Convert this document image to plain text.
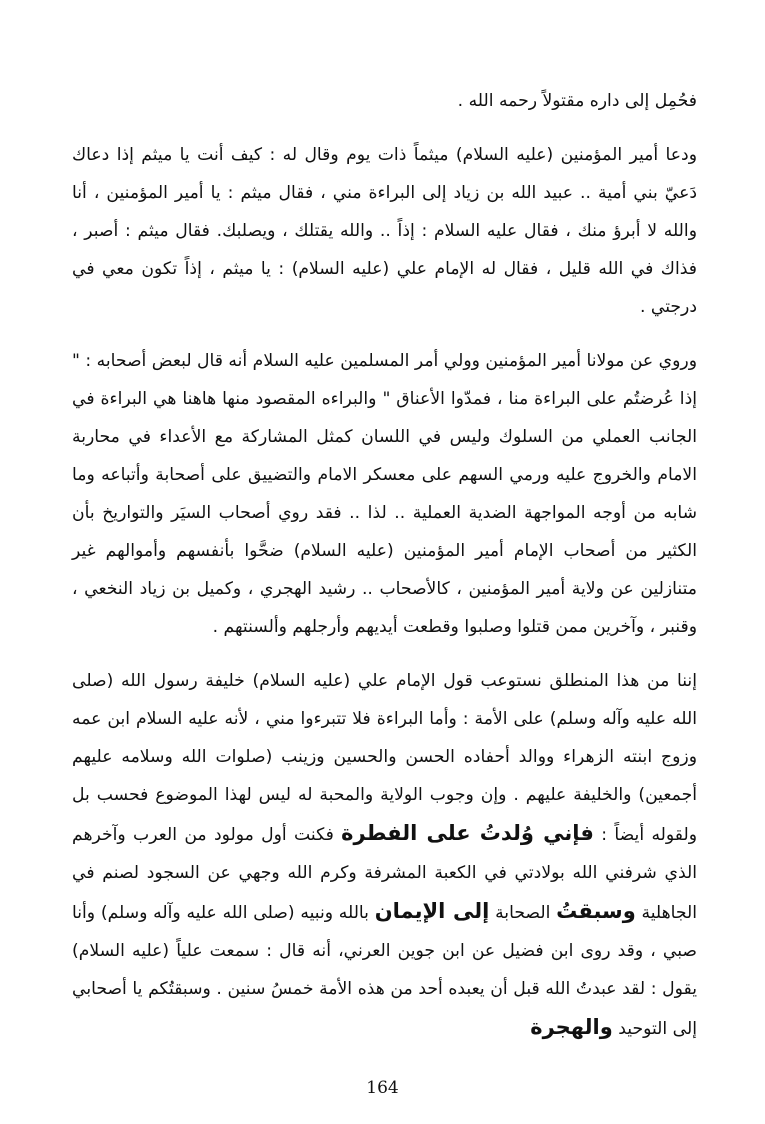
فحُمِل إلى داره مقتولاً رحمه الله .

ودعا أمير المؤمنين (عليه السلام) ميثماً ذات يوم وقال له : كيف أنت يا ميثم إذا دعاك دَعيّ بني أمية .. عبيد الله بن زياد إلى البراءة مني ، فقال ميثم : يا أمير المؤمنين ، أنا والله لا أبرؤ منك ، فقال عليه السلام : إذاً .. والله يقتلك ، ويصلبك. فقال ميثم : أصبر ، فذاك في الله قليل ، فقال له الإمام علي (عليه السلام) : يا ميثم ، إذاً تكون معي في درجتي .

وروي عن مولانا أمير المؤمنين وولي أمر المسلمين عليه السلام أنه قال لبعض أصحابه : " إذا عُرضتُم على البراءة منا ، فمدّوا الأعناق " والبراءه المقصود منها هاهنا هي البراءة في الجانب العملي من السلوك وليس في اللسان كمثل المشاركة مع الأعداء في محاربة الامام والخروج عليه ورمي السهم على معسكر الامام والتضييق على أصحابة وأتباعه وما شابه من أوجه المواجهة الضدية العملية .. لذا .. فقد روي أصحاب السيَر والتواريخ بأن الكثير من أصحاب الإمام أمير المؤمنين (عليه السلام) ضحَّوا بأنفسهم وأموالهم غير متنازلين عن ولاية أمير المؤمنين ، كالأصحاب .. رشيد الهجري ، وكميل بن زياد النخعي ، وقنبر ، وآخرين ممن قتلوا وصلبوا وقطعت أيديهم وأرجلهم وألسنتهم .

إننا من هذا المنطلق نستوعب قول الإمام علي (عليه السلام) خليفة رسول الله (صلى الله عليه وآله وسلم) على الأمة : وأما البراءة فلا تتبرءوا مني ، لأنه عليه السلام ابن عمه وزوج ابنته الزهراء ووالد أحفاده الحسن والحسين وزينب (صلوات الله وسلامه عليهم أجمعين) والخليفة عليهم . وإن وجوب الولاية والمحبة له ليس لهذا الموضوع فحسب بل ولقوله أيضاً : فإني وُلدتُ على الفطرة فكنت أول مولود من العرب وآخرهم الذي شرفني الله بولادتي في الكعبة المشرفة وكرم الله وجهي عن السجود لصنم في الجاهلية وسبقتُ الصحابة إلى الإيمان بالله ونبيه (صلى الله عليه وآله وسلم) وأنا صبي ، وقد روى ابن فضيل عن ابن جوين العرني، أنه قال : سمعت علياً (عليه السلام) يقول : لقد عبدتُ الله قبل أن يعبده أحد من هذه الأمة خمسُ سنين . وسبقتُكم يا أصحابي إلى التوحيد والهجرة

164
